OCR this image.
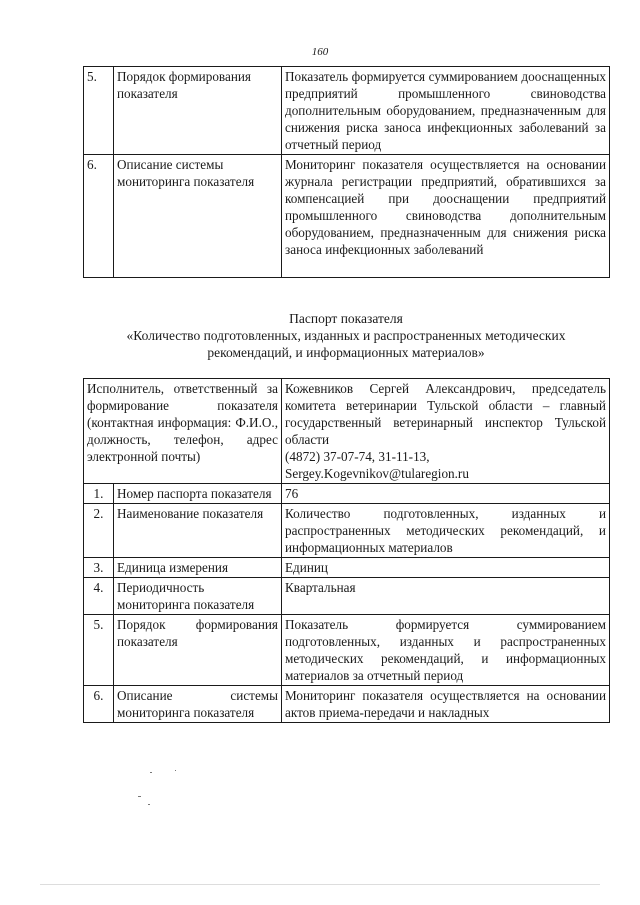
160
5.	Порядок формирования показателя	Показатель формируется суммированием дооснащенных предприятий промышленного свиноводства дополнительным оборудованием, предназначенным для снижения риска заноса инфекционных заболеваний за отчетный период
6.	Описание системы мониторинга показателя	Мониторинг показателя осуществляется на основании журнала регистрации предприятий, обратившихся за компенсацией при дооснащении предприятий промышленного свиноводства дополнительным оборудованием, предназначенным для снижения риска заноса инфекционных заболеваний
Паспорт показателя
«Количество подготовленных, изданных и распространенных методических
рекомендаций, и информационных материалов»
Исполнитель, ответственный за формирование показателя (контактная информация: Ф.И.О., должность, телефон, адрес электронной почты)		Кожевников Сергей Александрович, председатель комитета ветеринарии Тульской области – главный государственный ветеринарный инспектор Тульской области
(4872) 37-07-74, 31-11-13,
Sergey.Kogevnikov@tularegion.ru

1.	Номер паспорта показателя	76
2.	Наименование показателя	Количество подготовленных, изданных и распространенных методических рекомендаций, и информационных материалов
3.	Единица измерения	Единиц
4.	Периодичность мониторинга показателя	Квартальная
5.	Порядок формирования показателя	Показатель формируется суммированием подготовленных, изданных и распространенных методических рекомендаций, и информационных материалов за отчетный период
6.	Описание системы мониторинга показателя	Мониторинг показателя осуществляется на основании актов приема-передачи и накладных
